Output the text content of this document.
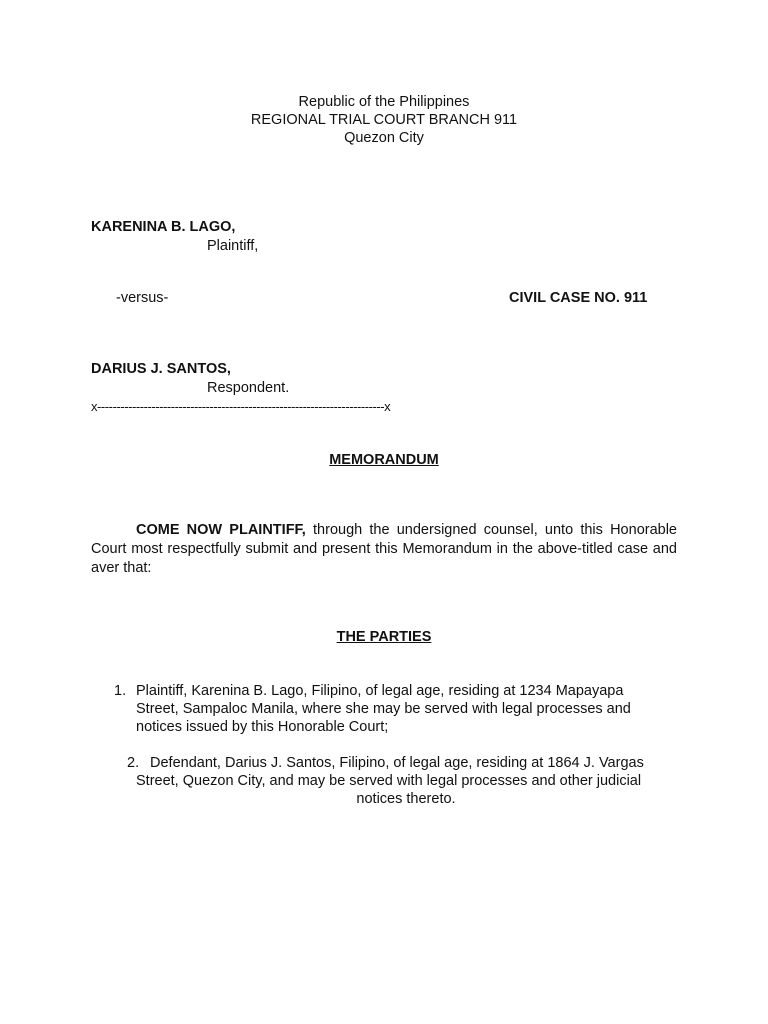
Republic of the Philippines
REGIONAL TRIAL COURT BRANCH 911
Quezon City
KARENINA B. LAGO,
Plaintiff,
-versus-	CIVIL CASE NO. 911
DARIUS J. SANTOS,
Respondent.
x--------------------------------------------------------------------------x
MEMORANDUM
COME NOW PLAINTIFF, through the undersigned counsel, unto this Honorable Court most respectfully submit and present this Memorandum in the above-titled case and aver that:
THE PARTIES
1. Plaintiff, Karenina B. Lago, Filipino, of legal age, residing at 1234 Mapayapa
Street, Sampaloc Manila, where she may be served with legal processes and
notices issued by this Honorable Court;
2. Defendant, Darius J. Santos, Filipino, of legal age, residing at 1864 J. Vargas
Street, Quezon City, and may be served with legal processes and other judicial
notices thereto.
